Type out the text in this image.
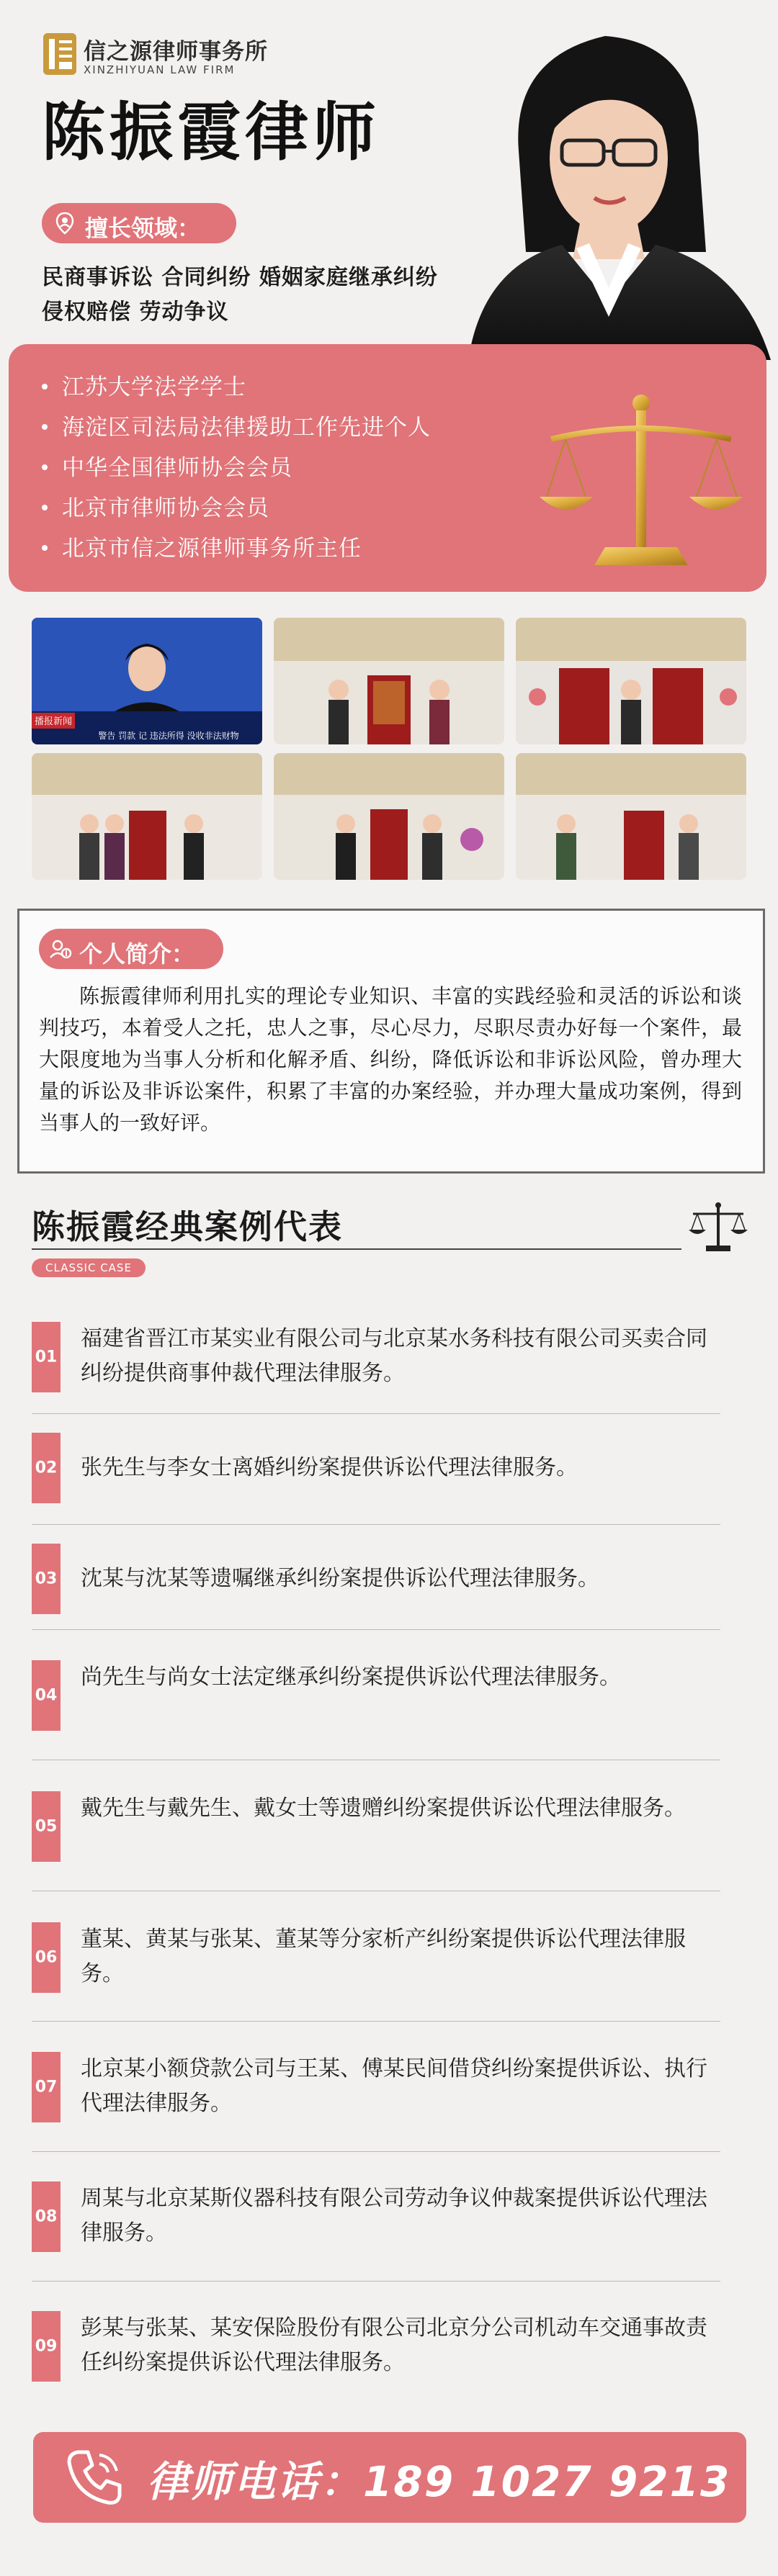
信之源律师事务所
XINZHIYUAN LAW FIRM
陈振霞律师
擅长领域：
民商事诉讼 合同纠纷 婚姻家庭继承纠纷
侵权赔偿 劳动争议
江苏大学法学学士
海淀区司法局法律援助工作先进个人
中华全国律师协会会员
北京市律师协会会员
北京市信之源律师事务所主任
播报新闻
警告 罚款 记 违法所得 没收非法财物
个人简介：
陈振霞律师利用扎实的理论专业知识、丰富的实践经验和灵活的诉讼和谈判技巧，本着受人之托，忠人之事，尽心尽力，尽职尽责办好每一个案件，最大限度地为当事人分析和化解矛盾、纠纷，降低诉讼和非诉讼风险，曾办理大量的诉讼及非诉讼案件，积累了丰富的办案经验，并办理大量成功案例，得到当事人的一致好评。
陈振霞经典案例代表
CLASSIC CASE
01
福建省晋江市某实业有限公司与北京某水务科技有限公司买卖合同纠纷提供商事仲裁代理法律服务。
02 张先生与李女士离婚纠纷案提供诉讼代理法律服务。
03 沈某与沈某等遗嘱继承纠纷案提供诉讼代理法律服务。
04
尚先生与尚女士法定继承纠纷案提供诉讼代理法律服务。
05
戴先生与戴先生、戴女士等遗赠纠纷案提供诉讼代理法律服务。
06
董某、黄某与张某、董某等分家析产纠纷案提供诉讼代理法律服务。
07
北京某小额贷款公司与王某、傅某民间借贷纠纷案提供诉讼、执行代理法律服务。
08
周某与北京某斯仪器科技有限公司劳动争议仲裁案提供诉讼代理法律服务。
09
彭某与张某、某安保险股份有限公司北京分公司机动车交通事故责任纠纷案提供诉讼代理法律服务。
律师电话：189 1027 9213
